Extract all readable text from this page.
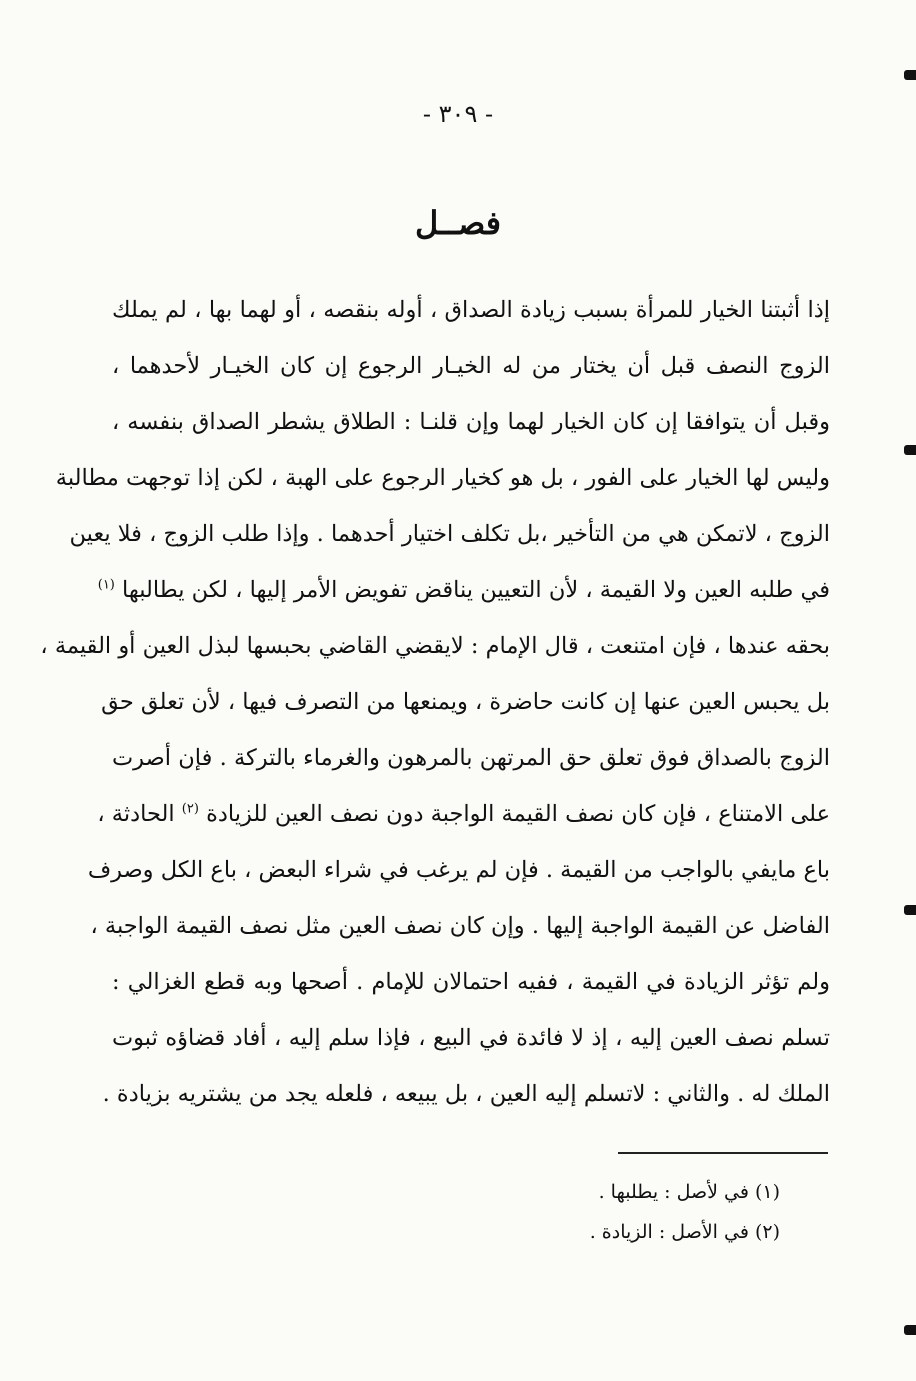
- ٣٠٩ -
فصــل
إذا أثبتنا الخيار للمرأة بسبب زيادة الصداق ، أوله بنقصه ، أو لهما بها ، لم يملك
الزوج النصف قبل أن يختار من له الخيـار الرجوع إن كان الخيـار لأحدهما ،
وقبل أن يتوافقا إن كان الخيار لهما وإن قلنـا : الطلاق يشطر الصداق بنفسه ،
وليس لها الخيار على الفور ، بل هو كخيار الرجوع على الهبة ، لكن إذا توجهت مطالبة
الزوج ، لاتمكن هي من التأخير ،بل تكلف اختيار أحدهما . وإذا طلب الزوج ، فلا يعين
في طلبه العين ولا القيمة ، لأن التعيين يناقض تفويض الأمر إليها ، لكن يطالبها $^{(١)}$
بحقه عندها ، فإن امتنعت ، قال الإمام : لايقضي القاضي بحبسها لبذل العين أو القيمة ،
بل يحبس العين عنها إن كانت حاضرة ، ويمنعها من التصرف فيها ، لأن تعلق حق
الزوج بالصداق فوق تعلق حق المرتهن بالمرهون والغرماء بالتركة . فإن أصرت
على الامتناع ، فإن كان نصف القيمة الواجبة دون نصف العين للزيادة $^{(٢)}$ الحادثة ،
باع مايفي بالواجب من القيمة . فإن لم يرغب في شراء البعض ، باع الكل وصرف
الفاضل عن القيمة الواجبة إليها . وإن كان نصف العين مثل نصف القيمة الواجبة ،
ولم تؤثر الزيادة في القيمة ، ففيه احتمالان للإمام . أصحها وبه قطع الغزالي :
تسلم نصف العين إليه ، إذ لا فائدة في البيع ، فإذا سلم إليه ، أفاد قضاؤه ثبوت
الملك له . والثاني : لاتسلم إليه العين ، بل يبيعه ، فلعله يجد من يشتريه بزيادة .
(١) في لأصل : يطلبها .
(٢) في الأصل : الزيادة .
